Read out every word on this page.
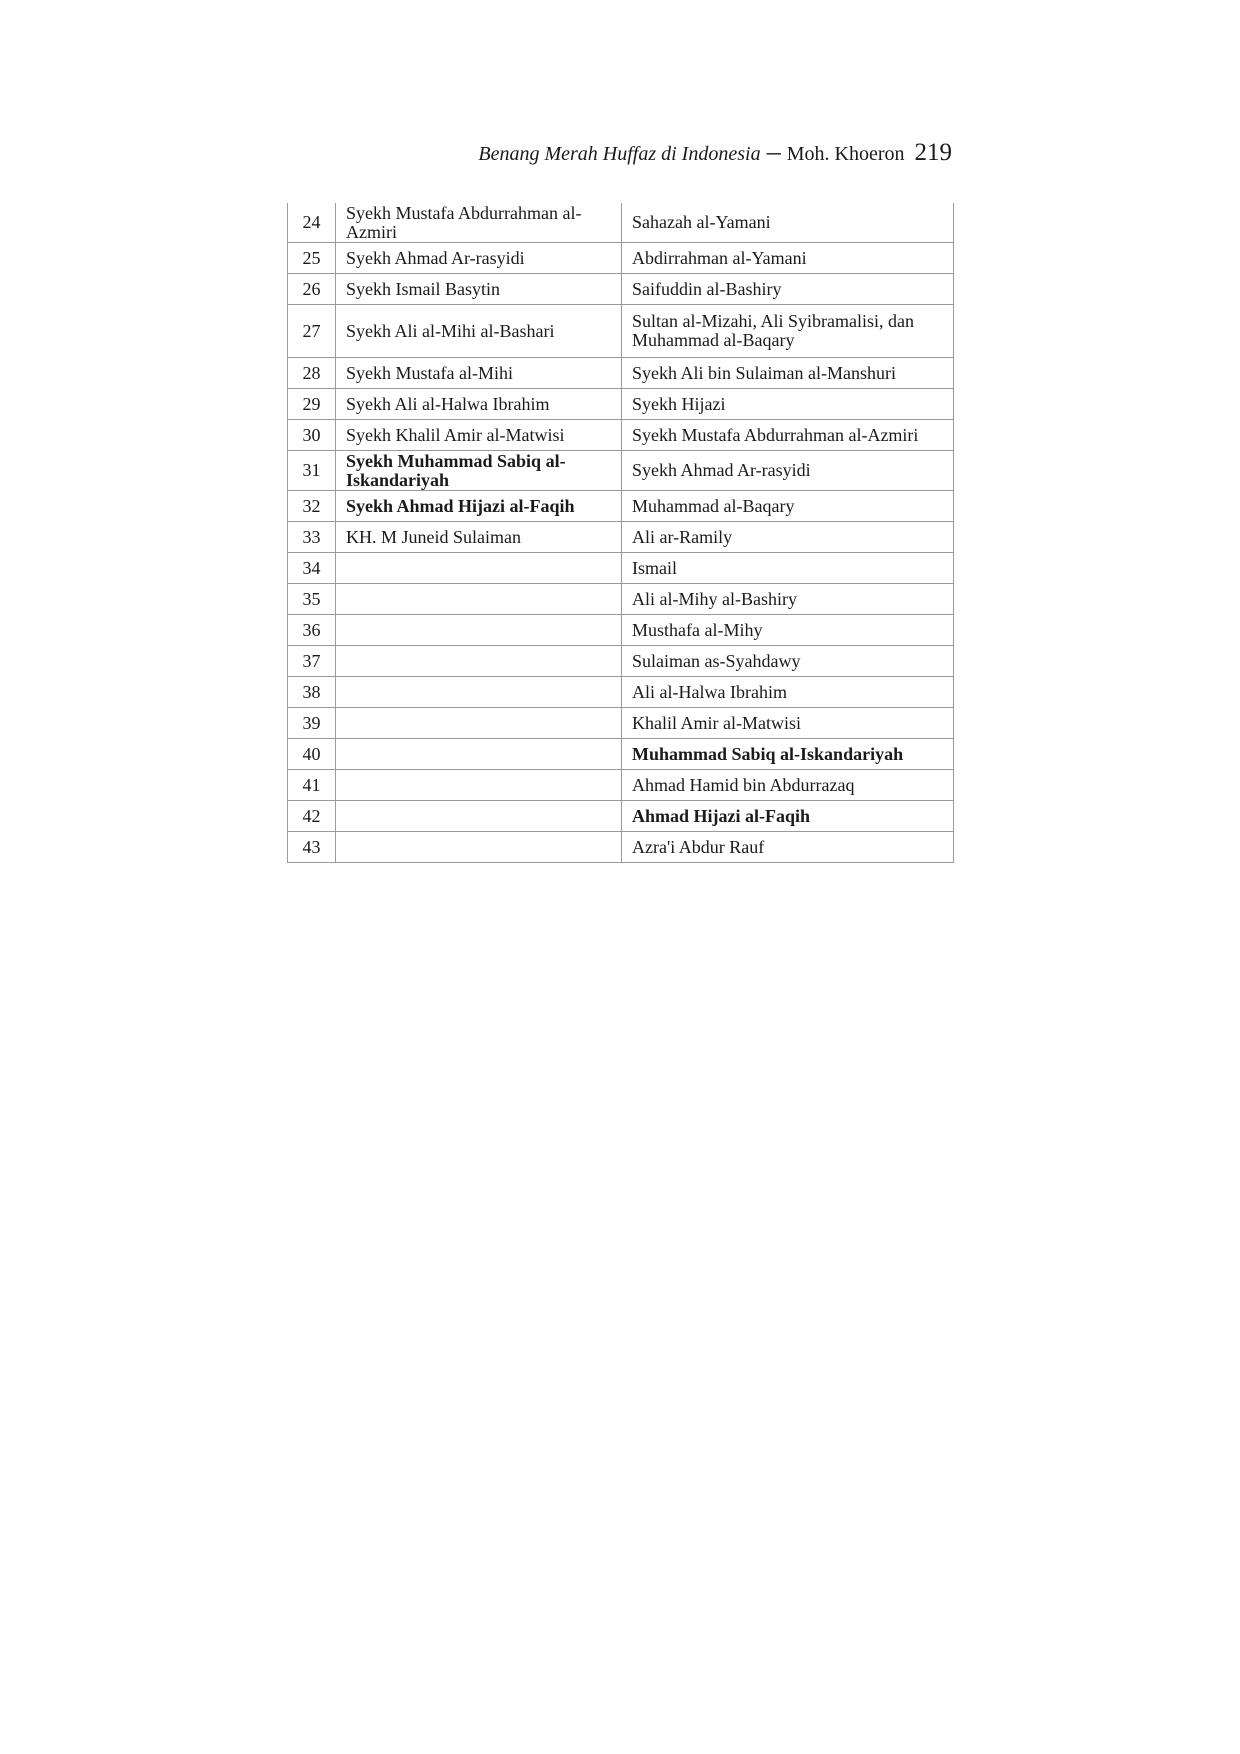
Benang Merah Huffaz di Indonesia ─ Moh. Khoeron 219
24	Syekh Mustafa Abdurrahman al-Azmiri	Sahazah al-Yamani
25	Syekh Ahmad Ar-rasyidi	Abdirrahman al-Yamani
26	Syekh Ismail Basytin	Saifuddin al-Bashiry
27	Syekh Ali al-Mihi al-Bashari	Sultan al-Mizahi, Ali Syibramalisi, dan Muhammad al-Baqary
28	Syekh Mustafa al-Mihi	Syekh Ali bin Sulaiman al-Manshuri
29	Syekh Ali al-Halwa Ibrahim	Syekh Hijazi
30	Syekh Khalil Amir al-Matwisi	Syekh Mustafa Abdurrahman al-Azmiri
31	Syekh Muhammad Sabiq al-Iskandariyah	Syekh Ahmad Ar-rasyidi
32	Syekh Ahmad Hijazi al-Faqih	Muhammad al-Baqary
33	KH. M Juneid Sulaiman	Ali ar-Ramily
34		Ismail
35		Ali al-Mihy al-Bashiry
36		Musthafa al-Mihy
37		Sulaiman as-Syahdawy
38		Ali al-Halwa Ibrahim
39		Khalil Amir al-Matwisi
40		Muhammad Sabiq al-Iskandariyah
41		Ahmad Hamid bin Abdurrazaq
42		Ahmad Hijazi al-Faqih
43		Azra'i Abdur Rauf
